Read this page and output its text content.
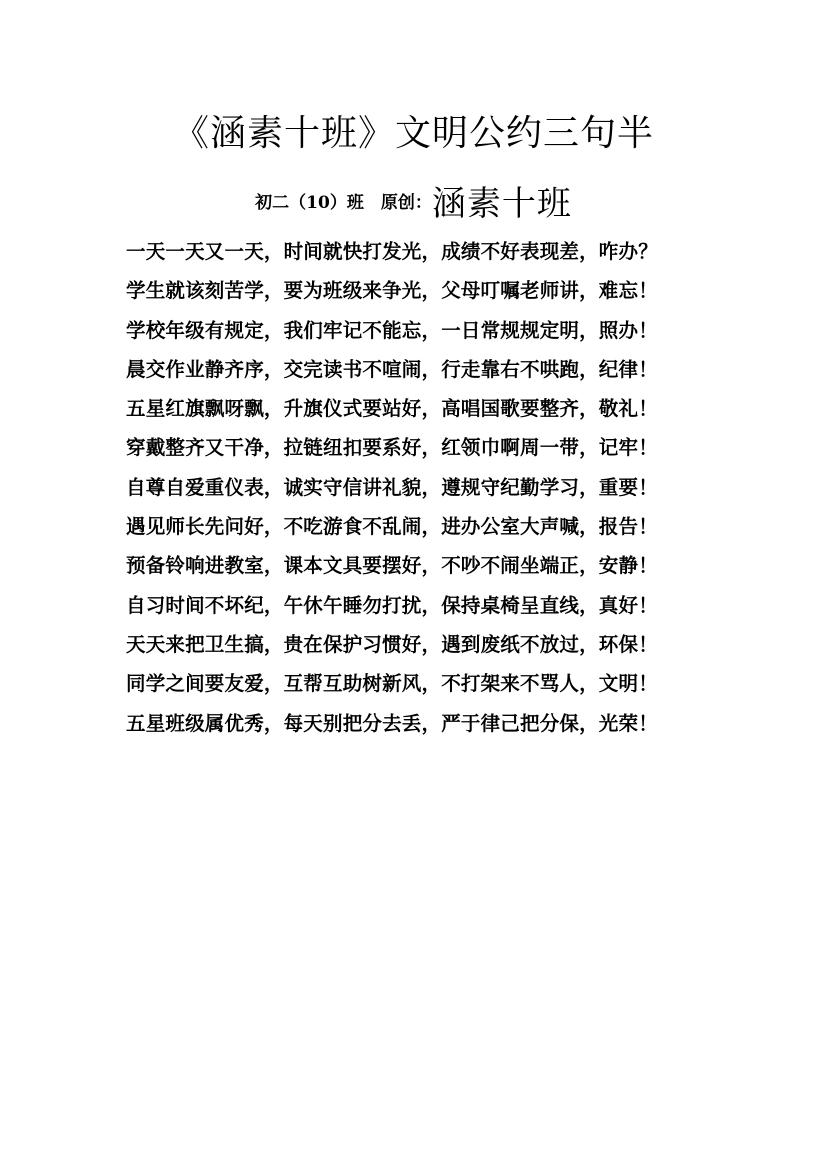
《涵素十班》文明公约三句半
初二（10）班　原创：涵素十班
一天一天又一天，时间就快打发光，成绩不好表现差，咋办？
学生就该刻苦学，要为班级来争光，父母叮嘱老师讲，难忘！
学校年级有规定，我们牢记不能忘，一日常规规定明，照办！
晨交作业静齐序，交完读书不喧闹，行走靠右不哄跑，纪律！
五星红旗飘呀飘，升旗仪式要站好，高唱国歌要整齐，敬礼！
穿戴整齐又干净，拉链纽扣要系好，红领巾啊周一带，记牢！
自尊自爱重仪表，诚实守信讲礼貌，遵规守纪勤学习，重要！
遇见师长先问好，不吃游食不乱闹，进办公室大声喊，报告！
预备铃响进教室，课本文具要摆好，不吵不闹坐端正，安静！
自习时间不坏纪，午休午睡勿打扰，保持桌椅呈直线，真好！
天天来把卫生搞，贵在保护习惯好，遇到废纸不放过，环保！
同学之间要友爱，互帮互助树新风，不打架来不骂人，文明！
五星班级属优秀，每天别把分去丢，严于律己把分保，光荣！
